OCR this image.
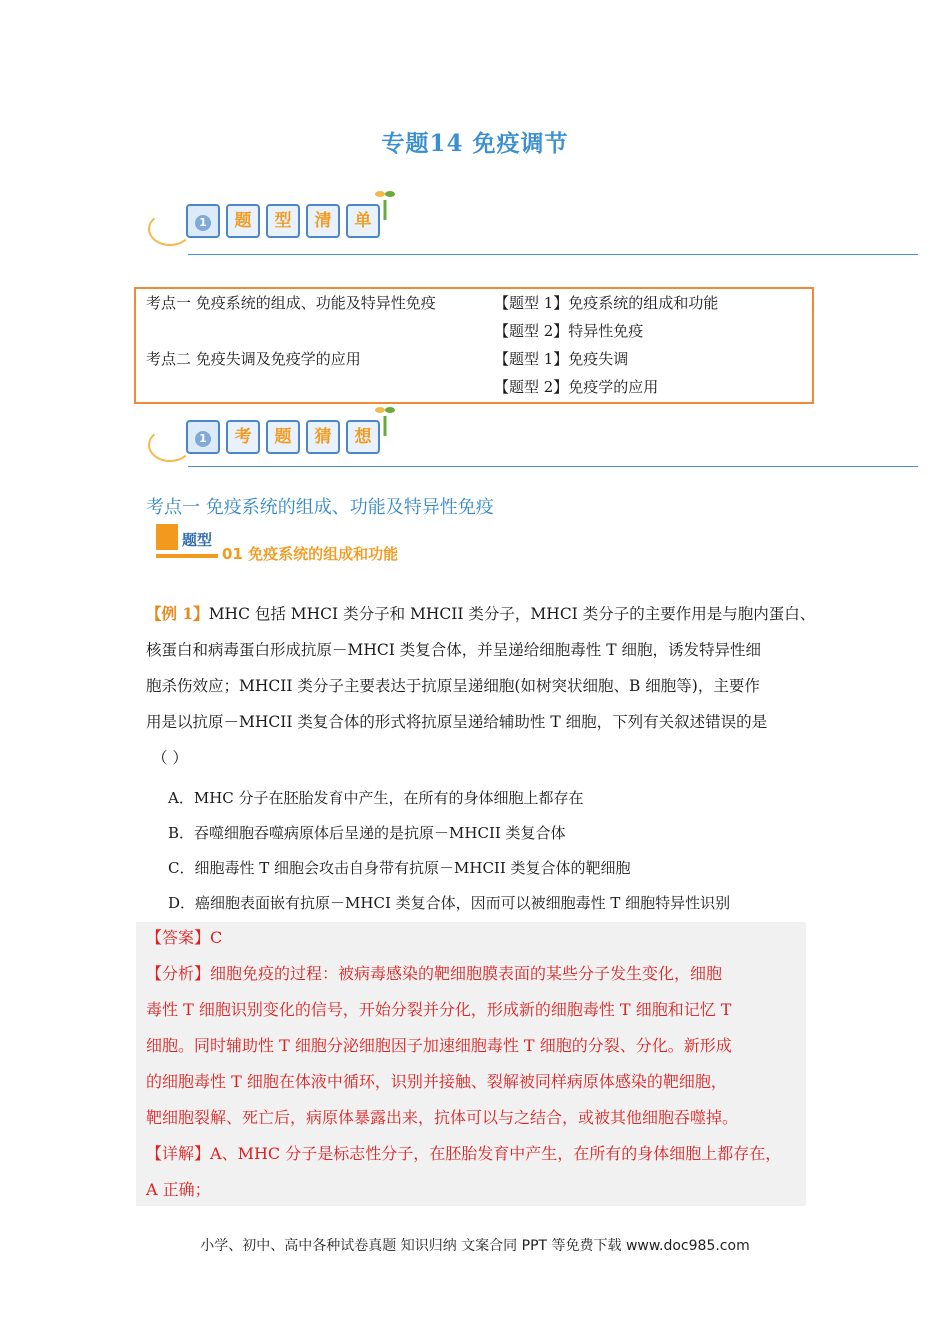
专题14 免疫调节
1	题	型	清	单
考点一 免疫系统的组成、功能及特异性免疫	【题型 1】免疫系统的组成和功能
【题型 2】特异性免疫
考点二 免疫失调及免疫学的应用	【题型 1】免疫失调
【题型 2】免疫学的应用
1	考	题	猜	想
考点一 免疫系统的组成、功能及特异性免疫
题型
01 免疫系统的组成和功能
【例 1】MHC 包括 MHCI 类分子和 MHCII 类分子，MHCI 类分子的主要作用是与胞内蛋白、
核蛋白和病毒蛋白形成抗原－MHCI 类复合体，并呈递给细胞毒性 T 细胞，诱发特异性细
胞杀伤效应；MHCII 类分子主要表达于抗原呈递细胞(如树突状细胞、B 细胞等)，主要作
用是以抗原－MHCII 类复合体的形式将抗原呈递给辅助性 T 细胞，下列有关叙述错误的是
（ ）
A．MHC 分子在胚胎发育中产生，在所有的身体细胞上都存在
B．吞噬细胞吞噬病原体后呈递的是抗原－MHCII 类复合体
C．细胞毒性 T 细胞会攻击自身带有抗原－MHCII 类复合体的靶细胞
D．癌细胞表面嵌有抗原－MHCI 类复合体，因而可以被细胞毒性 T 细胞特异性识别
【答案】C
【分析】细胞免疫的过程：被病毒感染的靶细胞膜表面的某些分子发生变化，细胞
毒性 T 细胞识别变化的信号，开始分裂并分化，形成新的细胞毒性 T 细胞和记忆 T
细胞。同时辅助性 T 细胞分泌细胞因子加速细胞毒性 T 细胞的分裂、分化。新形成
的细胞毒性 T 细胞在体液中循环，识别并接触、裂解被同样病原体感染的靶细胞，
靶细胞裂解、死亡后，病原体暴露出来，抗体可以与之结合，或被其他细胞吞噬掉。
【详解】A、MHC 分子是标志性分子，在胚胎发育中产生，在所有的身体细胞上都存在，
A 正确；
小学、初中、高中各种试卷真题 知识归纳 文案合同 PPT 等免费下载 www.doc985.com
